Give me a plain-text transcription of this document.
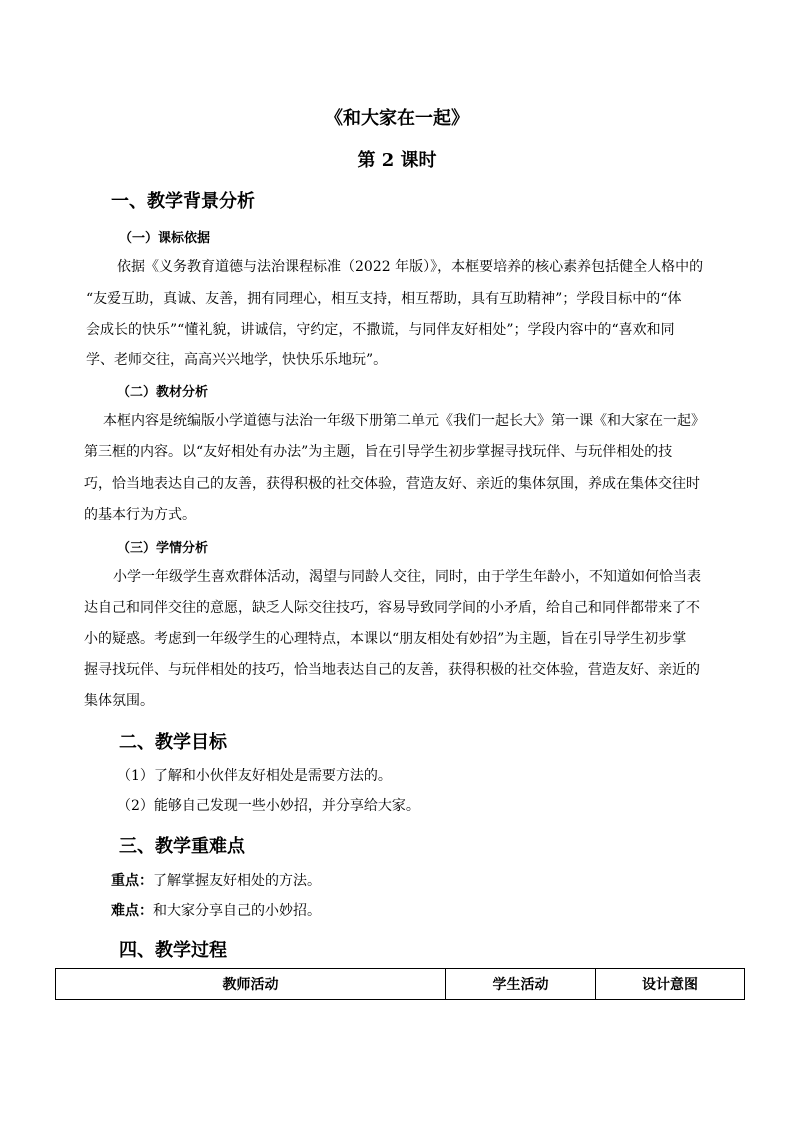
《和大家在一起》
第 2 课时
一、教学背景分析
（一）课标依据
依据《义务教育道德与法治课程标准（2022 年版）》，本框要培养的核心素养包括健全人格中的
“友爱互助，真诚、友善，拥有同理心，相互支持，相互帮助，具有互助精神”；学段目标中的“体
会成长的快乐”“懂礼貌，讲诚信，守约定，不撒谎，与同伴友好相处”；学段内容中的“喜欢和同
学、老师交往，高高兴兴地学，快快乐乐地玩”。
（二）教材分析
本框内容是统编版小学道德与法治一年级下册第二单元《我们一起长大》第一课《和大家在一起》
第三框的内容。以“友好相处有办法”为主题，旨在引导学生初步掌握寻找玩伴、与玩伴相处的技
巧，恰当地表达自己的友善，获得积极的社交体验，营造友好、亲近的集体氛围，养成在集体交往时
的基本行为方式。
（三）学情分析
小学一年级学生喜欢群体活动，渴望与同龄人交往，同时，由于学生年龄小，不知道如何恰当表
达自己和同伴交往的意愿，缺乏人际交往技巧，容易导致同学间的小矛盾，给自己和同伴都带来了不
小的疑惑。考虑到一年级学生的心理特点，本课以“朋友相处有妙招”为主题，旨在引导学生初步掌
握寻找玩伴、与玩伴相处的技巧，恰当地表达自己的友善，获得积极的社交体验，营造友好、亲近的
集体氛围。
二、教学目标
（1）了解和小伙伴友好相处是需要方法的。
（2）能够自己发现一些小妙招，并分享给大家。
三、教学重难点
重点：了解掌握友好相处的方法。
难点：和大家分享自己的小妙招。
四、教学过程
教师活动	学生活动	设计意图
